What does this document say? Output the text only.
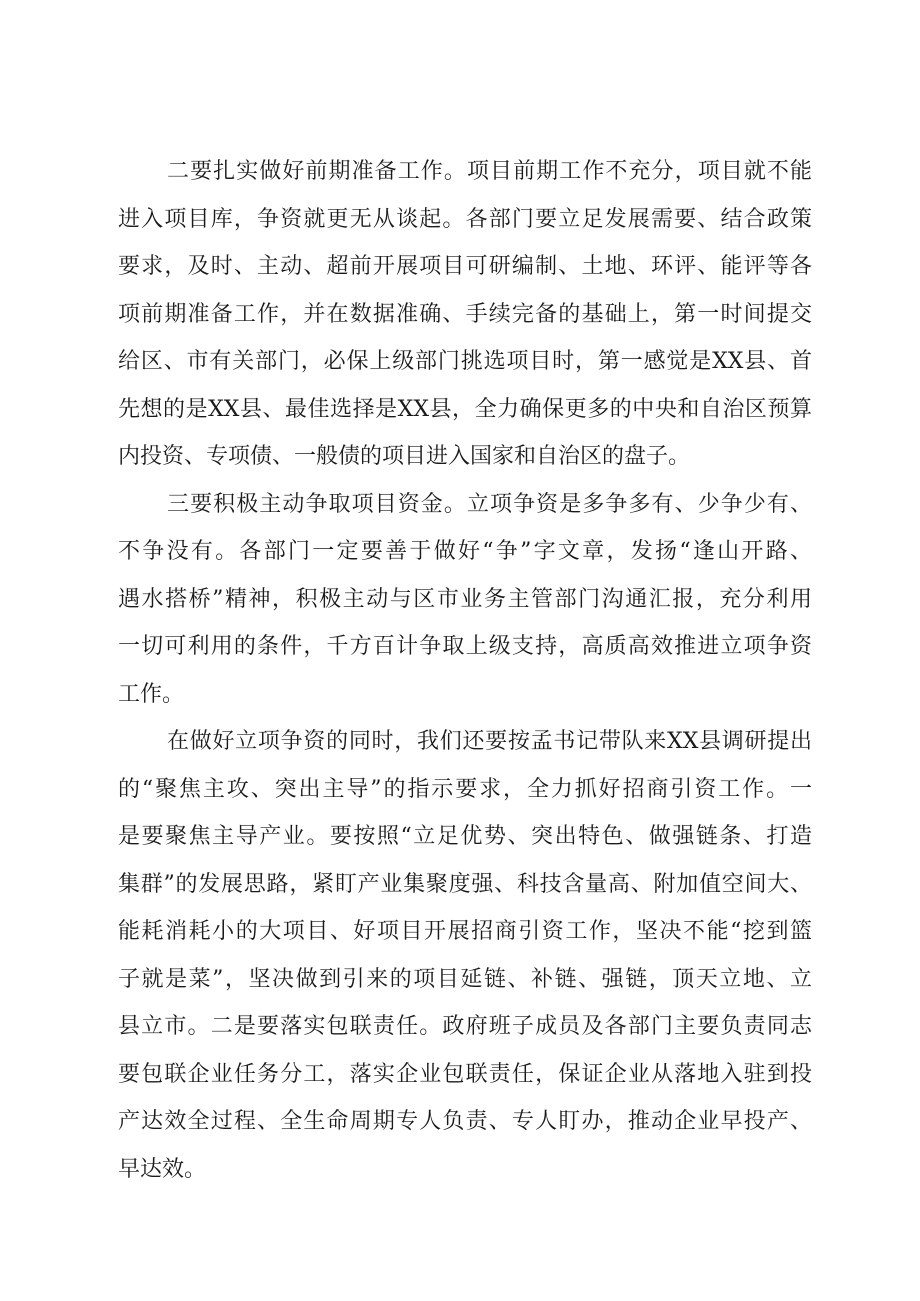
二要扎实做好前期准备工作。项目前期工作不充分，项目就不能
进入项目库，争资就更无从谈起。各部门要立足发展需要、结合政策
要求，及时、主动、超前开展项目可研编制、土地、环评、能评等各
项前期准备工作，并在数据准确、手续完备的基础上，第一时间提交
给区、市有关部门，必保上级部门挑选项目时，第一感觉是XX县、首
先想的是XX县、最佳选择是XX县，全力确保更多的中央和自治区预算
内投资、专项债、一般债的项目进入国家和自治区的盘子。
三要积极主动争取项目资金。立项争资是多争多有、少争少有、
不争没有。各部门一定要善于做好“争”字文章，发扬“逢山开路、
遇水搭桥”精神，积极主动与区市业务主管部门沟通汇报，充分利用
一切可利用的条件，千方百计争取上级支持，高质高效推进立项争资
工作。
在做好立项争资的同时，我们还要按孟书记带队来XX县调研提出
的“聚焦主攻、突出主导”的指示要求，全力抓好招商引资工作。一
是要聚焦主导产业。要按照“立足优势、突出特色、做强链条、打造
集群”的发展思路，紧盯产业集聚度强、科技含量高、附加值空间大、
能耗消耗小的大项目、好项目开展招商引资工作，坚决不能“挖到篮
子就是菜”，坚决做到引来的项目延链、补链、强链，顶天立地、立
县立市。二是要落实包联责任。政府班子成员及各部门主要负责同志
要包联企业任务分工，落实企业包联责任，保证企业从落地入驻到投
产达效全过程、全生命周期专人负责、专人盯办，推动企业早投产、
早达效。
